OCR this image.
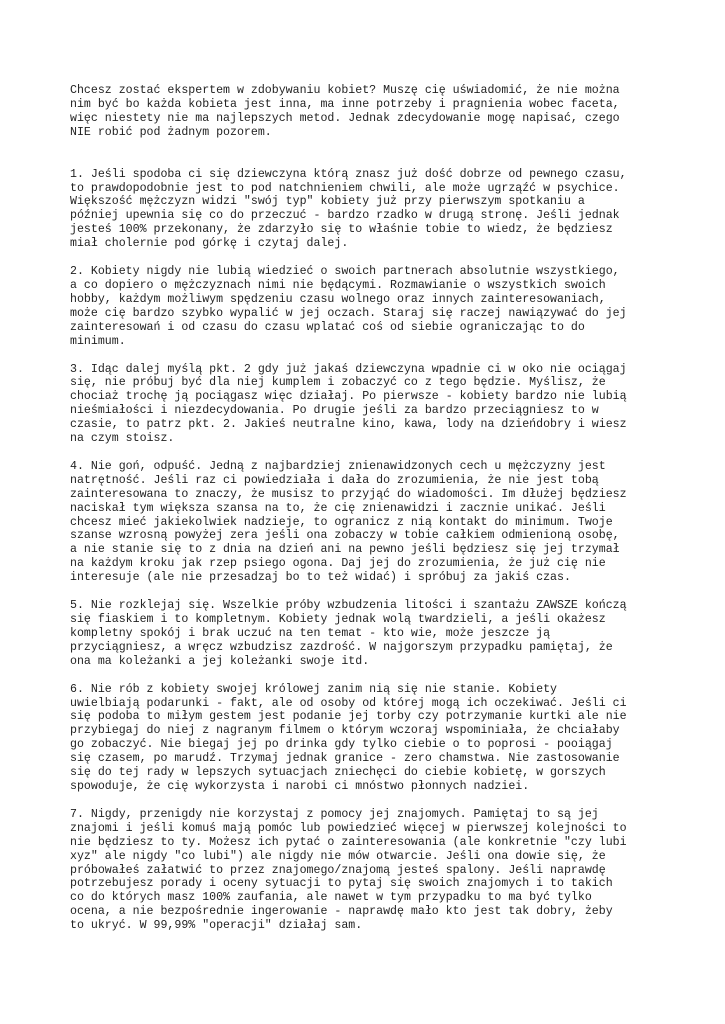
Chcesz zostać ekspertem w zdobywaniu kobiet? Muszę cię uświadomić, że nie można
nim być bo każda kobieta jest inna, ma inne potrzeby i pragnienia wobec faceta,
więc niestety nie ma najlepszych metod. Jednak zdecydowanie mogę napisać, czego
NIE robić pod żadnym pozorem.

1. Jeśli spodoba ci się dziewczyna którą znasz już dość dobrze od pewnego czasu,
to prawdopodobnie jest to pod natchnieniem chwili, ale może ugrząźć w psychice.
Większość mężczyzn widzi "swój typ" kobiety już przy pierwszym spotkaniu a
później upewnia się co do przeczuć - bardzo rzadko w drugą stronę. Jeśli jednak
jesteś 100% przekonany, że zdarzyło się to właśnie tobie to wiedz, że będziesz
miał cholernie pod górkę i czytaj dalej.

2. Kobiety nigdy nie lubią wiedzieć o swoich partnerach absolutnie wszystkiego,
a co dopiero o mężczyznach nimi nie będącymi. Rozmawianie o wszystkich swoich
hobby, każdym możliwym spędzeniu czasu wolnego oraz innych zainteresowaniach,
może cię bardzo szybko wypalić w jej oczach. Staraj się raczej nawiązywać do jej
zainteresowań i od czasu do czasu wplatać coś od siebie ograniczając to do
minimum.

3. Idąc dalej myślą pkt. 2 gdy już jakaś dziewczyna wpadnie ci w oko nie ociągaj
się, nie próbuj być dla niej kumplem i zobaczyć co z tego będzie. Myślisz, że
chociaż trochę ją pociągasz więc działaj. Po pierwsze - kobiety bardzo nie lubią
nieśmiałości i niezdecydowania. Po drugie jeśli za bardzo przeciągniesz to w
czasie, to patrz pkt. 2. Jakieś neutralne kino, kawa, lody na dzieńdobry i wiesz
na czym stoisz.

4. Nie goń, odpuść. Jedną z najbardziej znienawidzonych cech u mężczyzny jest
natrętność. Jeśli raz ci powiedziała i dała do zrozumienia, że nie jest tobą
zainteresowana to znaczy, że musisz to przyjąć do wiadomości. Im dłużej będziesz
naciskał tym większa szansa na to, że cię znienawidzi i zacznie unikać. Jeśli
chcesz mieć jakiekolwiek nadzieje, to ogranicz z nią kontakt do minimum. Twoje
szanse wzrosną powyżej zera jeśli ona zobaczy w tobie całkiem odmienioną osobę,
a nie stanie się to z dnia na dzień ani na pewno jeśli będziesz się jej trzymał
na każdym kroku jak rzep psiego ogona. Daj jej do zrozumienia, że już cię nie
interesuje (ale nie przesadzaj bo to też widać) i spróbuj za jakiś czas.

5. Nie rozklejaj się. Wszelkie próby wzbudzenia litości i szantażu ZAWSZE kończą
się fiaskiem i to kompletnym. Kobiety jednak wolą twardzieli, a jeśli okażesz
kompletny spokój i brak uczuć na ten temat - kto wie, może jeszcze ją
przyciągniesz, a wręcz wzbudzisz zazdrość. W najgorszym przypadku pamiętaj, że
ona ma koleżanki a jej koleżanki swoje itd.

6. Nie rób z kobiety swojej królowej zanim nią się nie stanie. Kobiety
uwielbiają podarunki - fakt, ale od osoby od której mogą ich oczekiwać. Jeśli ci
się podoba to miłym gestem jest podanie jej torby czy potrzymanie kurtki ale nie
przybiegaj do niej z nagranym filmem o którym wczoraj wspominiała, że chciałaby
go zobaczyć. Nie biegaj jej po drinka gdy tylko ciebie o to poprosi - pooiągaj
się czasem, po marudź. Trzymaj jednak granice - zero chamstwa. Nie zastosowanie
się do tej rady w lepszych sytuacjach zniechęci do ciebie kobietę, w gorszych
spowoduje, że cię wykorzysta i narobi ci mnóstwo płonnych nadziei.

7. Nigdy, przenigdy nie korzystaj z pomocy jej znajomych. Pamiętaj to są jej
znajomi i jeśli komuś mają pomóc lub powiedzieć więcej w pierwszej kolejności to
nie będziesz to ty. Możesz ich pytać o zainteresowania (ale konkretnie "czy lubi
xyz" ale nigdy "co lubi") ale nigdy nie mów otwarcie. Jeśli ona dowie się, że
próbowałeś załatwić to przez znajomego/znajomą jesteś spalony. Jeśli naprawdę
potrzebujesz porady i oceny sytuacji to pytaj się swoich znajomych i to takich
co do których masz 100% zaufania, ale nawet w tym przypadku to ma być tylko
ocena, a nie bezpośrednie ingerowanie - naprawdę mało kto jest tak dobry, żeby
to ukryć. W 99,99% "operacji" działaj sam.
